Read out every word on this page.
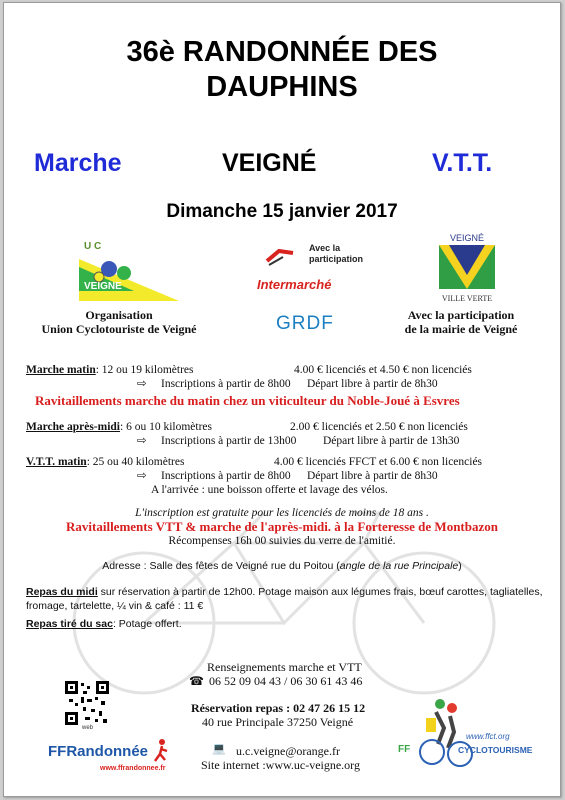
36è RANDONNÉE DES
DAUPHINS
Marche	VEIGNÉ	V.T.T.
Dimanche 15 janvier 2017
U C
VEIGNE
Avec la participation
Intermarché
GRDF
VEIGNÉ
VILLE VERTE
Organisation
Union Cyclotouriste de Veigné
Avec la participation
de la mairie de Veigné
Marche matin: 12 ou 19 kilomètres	4.00 € licenciés et 4.50 € non licenciés
⇨ Inscriptions à partir de 8h00 Départ libre à partir de 8h30
Ravitaillements marche du matin chez un viticulteur du Noble-Joué à Esvres
Marche après-midi: 6 ou 10 kilomètres	2.00 € licenciés et 2.50 € non licenciés
⇨ Inscriptions à partir de 13h00 Départ libre à partir de 13h30
V.T.T. matin: 25 ou 40 kilomètres	4.00 € licenciés FFCT et 6.00 € non licenciés
⇨ Inscriptions à partir de 8h00 Départ libre à partir de 8h30
A l'arrivée : une boisson offerte et lavage des vélos.
L'inscription est gratuite pour les licenciés de moins de 18 ans .
Ravitaillements VTT & marche de l'après-midi. à la Forteresse de Montbazon
Récompenses 16h 00 suivies du verre de l'amitié.
Adresse : Salle des fêtes de Veigné rue du Poitou (angle de la rue Principale)
Repas du midi sur réservation à partir de 12h00. Potage maison aux légumes frais, bœuf carottes, tagliatelles,
fromage, tartelette, ¼ vin & café : 11 €
Repas tiré du sac: Potage offert.
Renseignements marche et VTT
☎ 06 52 09 04 43 / 06 30 61 43 46
Réservation repas : 02 47 26 15 12
40 rue Principale 37250 Veigné
💻 u.c.veigne@orange.fr
Site internet :www.uc-veigne.org
web
FFRandonnée
www.ffrandonnee.fr
www.ffct.org
FF	CYCLOTOURISME
